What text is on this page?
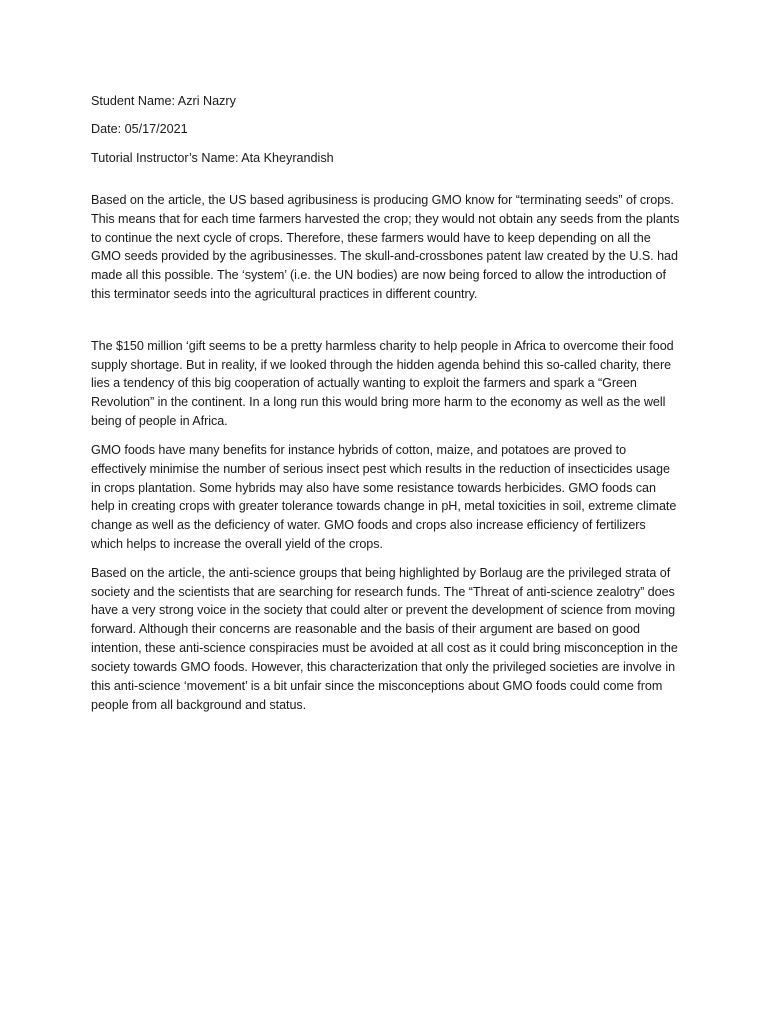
Student Name: Azri Nazry
Date: 05/17/2021
Tutorial Instructor’s Name: Ata Kheyrandish

Based on the article, the US based agribusiness is producing GMO know for “terminating seeds” of crops. This means that for each time farmers harvested the crop; they would not obtain any seeds from the plants to continue the next cycle of crops. Therefore, these farmers would have to keep depending on all the GMO seeds provided by the agribusinesses. The skull-and-crossbones patent law created by the U.S. had made all this possible. The ‘system’ (i.e. the UN bodies) are now being forced to allow the introduction of this terminator seeds into the agricultural practices in different country.

The $150 million ‘gift seems to be a pretty harmless charity to help people in Africa to overcome their food supply shortage. But in reality, if we looked through the hidden agenda behind this so-called charity, there lies a tendency of this big cooperation of actually wanting to exploit the farmers and spark a “Green Revolution” in the continent. In a long run this would bring more harm to the economy as well as the well being of people in Africa.

GMO foods have many benefits for instance hybrids of cotton, maize, and potatoes are proved to effectively minimise the number of serious insect pest which results in the reduction of insecticides usage in crops plantation. Some hybrids may also have some resistance towards herbicides. GMO foods can help in creating crops with greater tolerance towards change in pH, metal toxicities in soil, extreme climate change as well as the deficiency of water. GMO foods and crops also increase efficiency of fertilizers which helps to increase the overall yield of the crops.

Based on the article, the anti-science groups that being highlighted by Borlaug are the privileged strata of society and the scientists that are searching for research funds. The “Threat of anti-science zealotry” does have a very strong voice in the society that could alter or prevent the development of science from moving forward. Although their concerns are reasonable and the basis of their argument are based on good intention, these anti-science conspiracies must be avoided at all cost as it could bring misconception in the society towards GMO foods. However, this characterization that only the privileged societies are involve in this anti-science ‘movement’ is a bit unfair since the misconceptions about GMO foods could come from people from all background and status.
